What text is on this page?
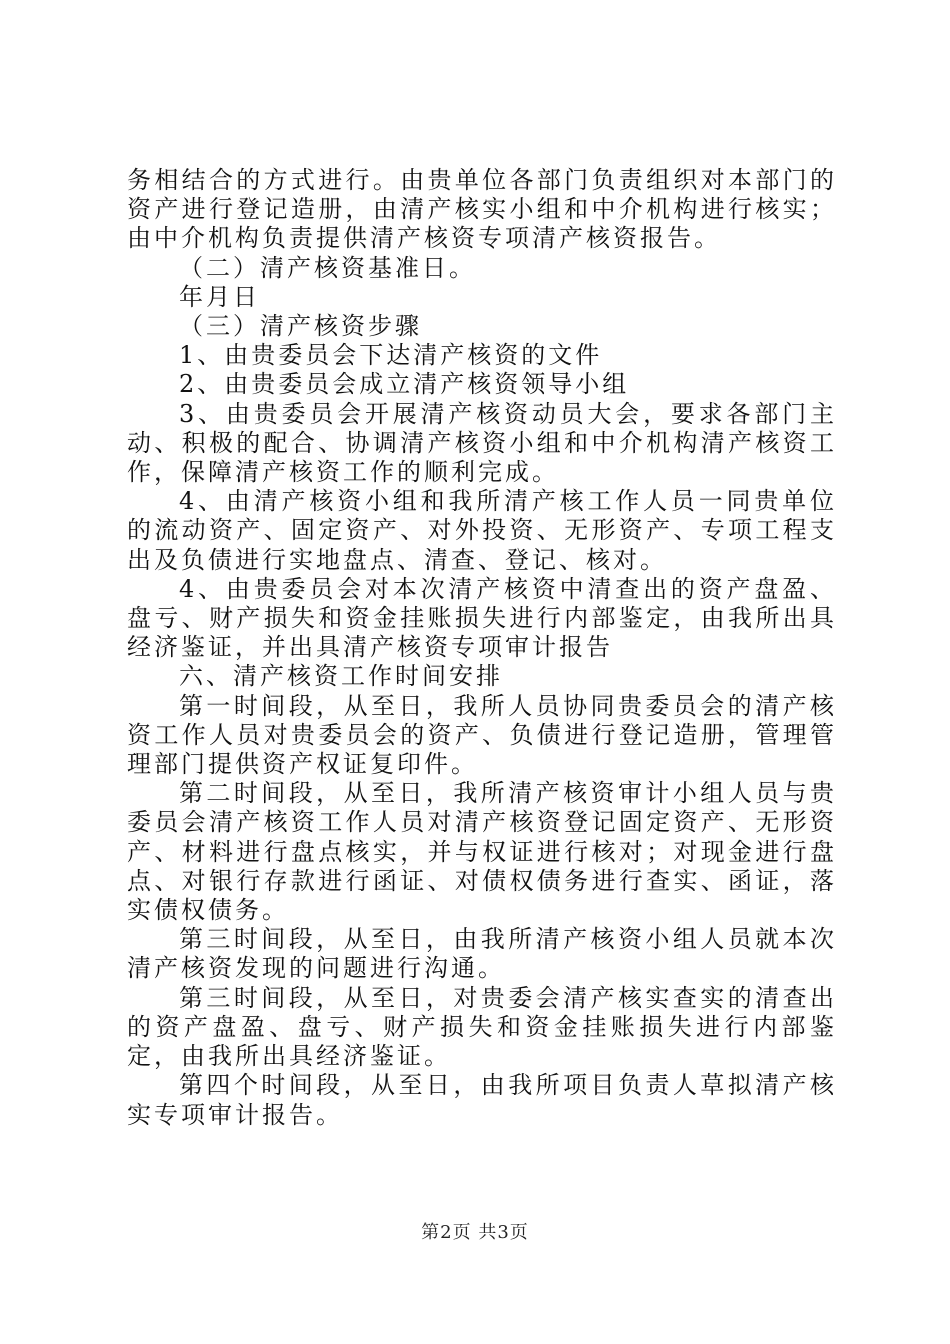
务相结合的方式进行。由贵单位各部门负责组织对本部门的资产进行登记造册，由清产核实小组和中介机构进行核实；由中介机构负责提供清产核资专项清产核资报告。

（二）清产核资基准日。

年月日

（三）清产核资步骤

1、由贵委员会下达清产核资的文件

2、由贵委员会成立清产核资领导小组

3、由贵委员会开展清产核资动员大会，要求各部门主动、积极的配合、协调清产核资小组和中介机构清产核资工作，保障清产核资工作的顺利完成。

4、由清产核资小组和我所清产核工作人员一同贵单位的流动资产、固定资产、对外投资、无形资产、专项工程支出及负债进行实地盘点、清查、登记、核对。

4、由贵委员会对本次清产核资中清查出的资产盘盈、盘亏、财产损失和资金挂账损失进行内部鉴定，由我所出具经济鉴证，并出具清产核资专项审计报告

六、清产核资工作时间安排

第一时间段，从至日，我所人员协同贵委员会的清产核资工作人员对贵委员会的资产、负债进行登记造册，管理管理部门提供资产权证复印件。

第二时间段，从至日，我所清产核资审计小组人员与贵委员会清产核资工作人员对清产核资登记固定资产、无形资产、材料进行盘点核实，并与权证进行核对；对现金进行盘点、对银行存款进行函证、对债权债务进行查实、函证，落实债权债务。

第三时间段，从至日，由我所清产核资小组人员就本次清产核资发现的问题进行沟通。

第三时间段，从至日，对贵委会清产核实查实的清查出的资产盘盈、盘亏、财产损失和资金挂账损失进行内部鉴定，由我所出具经济鉴证。

第四个时间段，从至日，由我所项目负责人草拟清产核实专项审计报告。

第2页 共3页
